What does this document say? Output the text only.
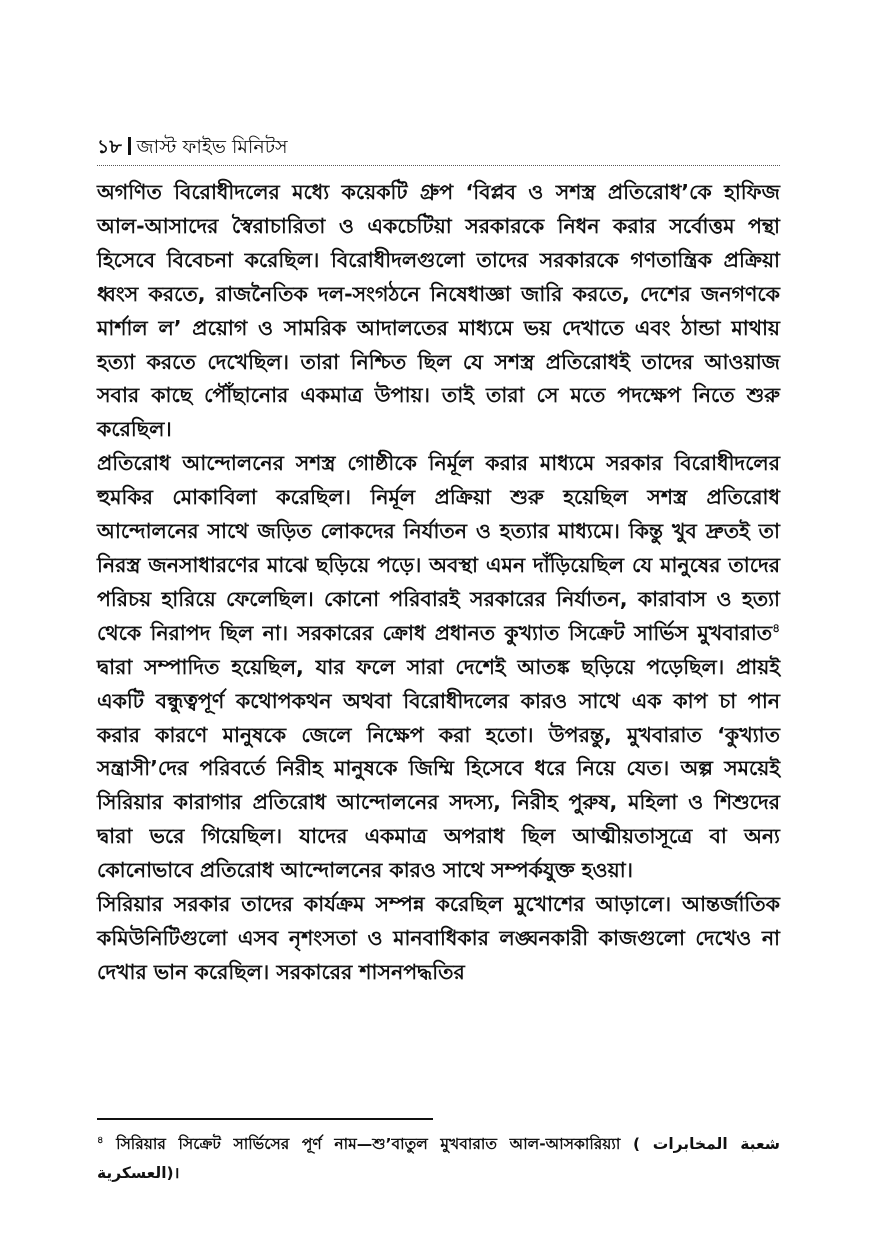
১৮ জাস্ট ফাইভ মিনিটস

অগণিত বিরোধীদলের মধ্যে কয়েকটি গ্রুপ ‘বিপ্লব ও সশস্ত্র প্রতিরোধ’কে হাফিজ আল-আসাদের স্বৈরাচারিতা ও একচেটিয়া সরকারকে নিধন করার সর্বোত্তম পন্থা হিসেবে বিবেচনা করেছিল। বিরোধীদলগুলো তাদের সরকারকে গণতান্ত্রিক প্রক্রিয়া ধ্বংস করতে, রাজনৈতিক দল-সংগঠনে নিষেধাজ্ঞা জারি করতে, দেশের জনগণকে মার্শাল ল’ প্রয়োগ ও সামরিক আদালতের মাধ্যমে ভয় দেখাতে এবং ঠান্ডা মাথায় হত্যা করতে দেখেছিল। তারা নিশ্চিত ছিল যে সশস্ত্র প্রতিরোধই তাদের আওয়াজ সবার কাছে পৌঁছানোর একমাত্র উপায়। তাই তারা সে মতে পদক্ষেপ নিতে শুরু করেছিল।

প্রতিরোধ আন্দোলনের সশস্ত্র গোষ্ঠীকে নির্মূল করার মাধ্যমে সরকার বিরোধীদলের হুমকির মোকাবিলা করেছিল। নির্মূল প্রক্রিয়া শুরু হয়েছিল সশস্ত্র প্রতিরোধ আন্দোলনের সাথে জড়িত লোকদের নির্যাতন ও হত্যার মাধ্যমে। কিন্তু খুব দ্রুতই তা নিরস্ত্র জনসাধারণের মাঝে ছড়িয়ে পড়ে। অবস্থা এমন দাঁড়িয়েছিল যে মানুষের তাদের পরিচয় হারিয়ে ফেলেছিল। কোনো পরিবারই সরকারের নির্যাতন, কারাবাস ও হত্যা থেকে নিরাপদ ছিল না। সরকারের ক্রোধ প্রধানত কুখ্যাত সিক্রেট সার্ভিস মুখবারাত$^৪$ দ্বারা সম্পাদিত হয়েছিল, যার ফলে সারা দেশেই আতঙ্ক ছড়িয়ে পড়েছিল। প্রায়ই একটি বন্ধুত্বপূর্ণ কথোপকথন অথবা বিরোধীদলের কারও সাথে এক কাপ চা পান করার কারণে মানুষকে জেলে নিক্ষেপ করা হতো। উপরন্তু, মুখবারাত ‘কুখ্যাত সন্ত্রাসী’দের পরিবর্তে নিরীহ মানুষকে জিম্মি হিসেবে ধরে নিয়ে যেত। অল্প সময়েই সিরিয়ার কারাগার প্রতিরোধ আন্দোলনের সদস্য, নিরীহ পুরুষ, মহিলা ও শিশুদের দ্বারা ভরে গিয়েছিল। যাদের একমাত্র অপরাধ ছিল আত্মীয়তাসূত্রে বা অন্য কোনোভাবে প্রতিরোধ আন্দোলনের কারও সাথে সম্পর্কযুক্ত হওয়া।

সিরিয়ার সরকার তাদের কার্যক্রম সম্পন্ন করেছিল মুখোশের আড়ালে। আন্তর্জাতিক কমিউনিটিগুলো এসব নৃশংসতা ও মানবাধিকার লঙ্ঘনকারী কাজগুলো দেখেও না দেখার ভান করেছিল। সরকারের শাসনপদ্ধতির

$^৪$ সিরিয়ার সিক্রেট সার্ভিসের পূর্ণ নাম—শু’বাতুল মুখবারাত আল-আসকারিয়্যা ( شعبة المخابرات العسكرية)।
